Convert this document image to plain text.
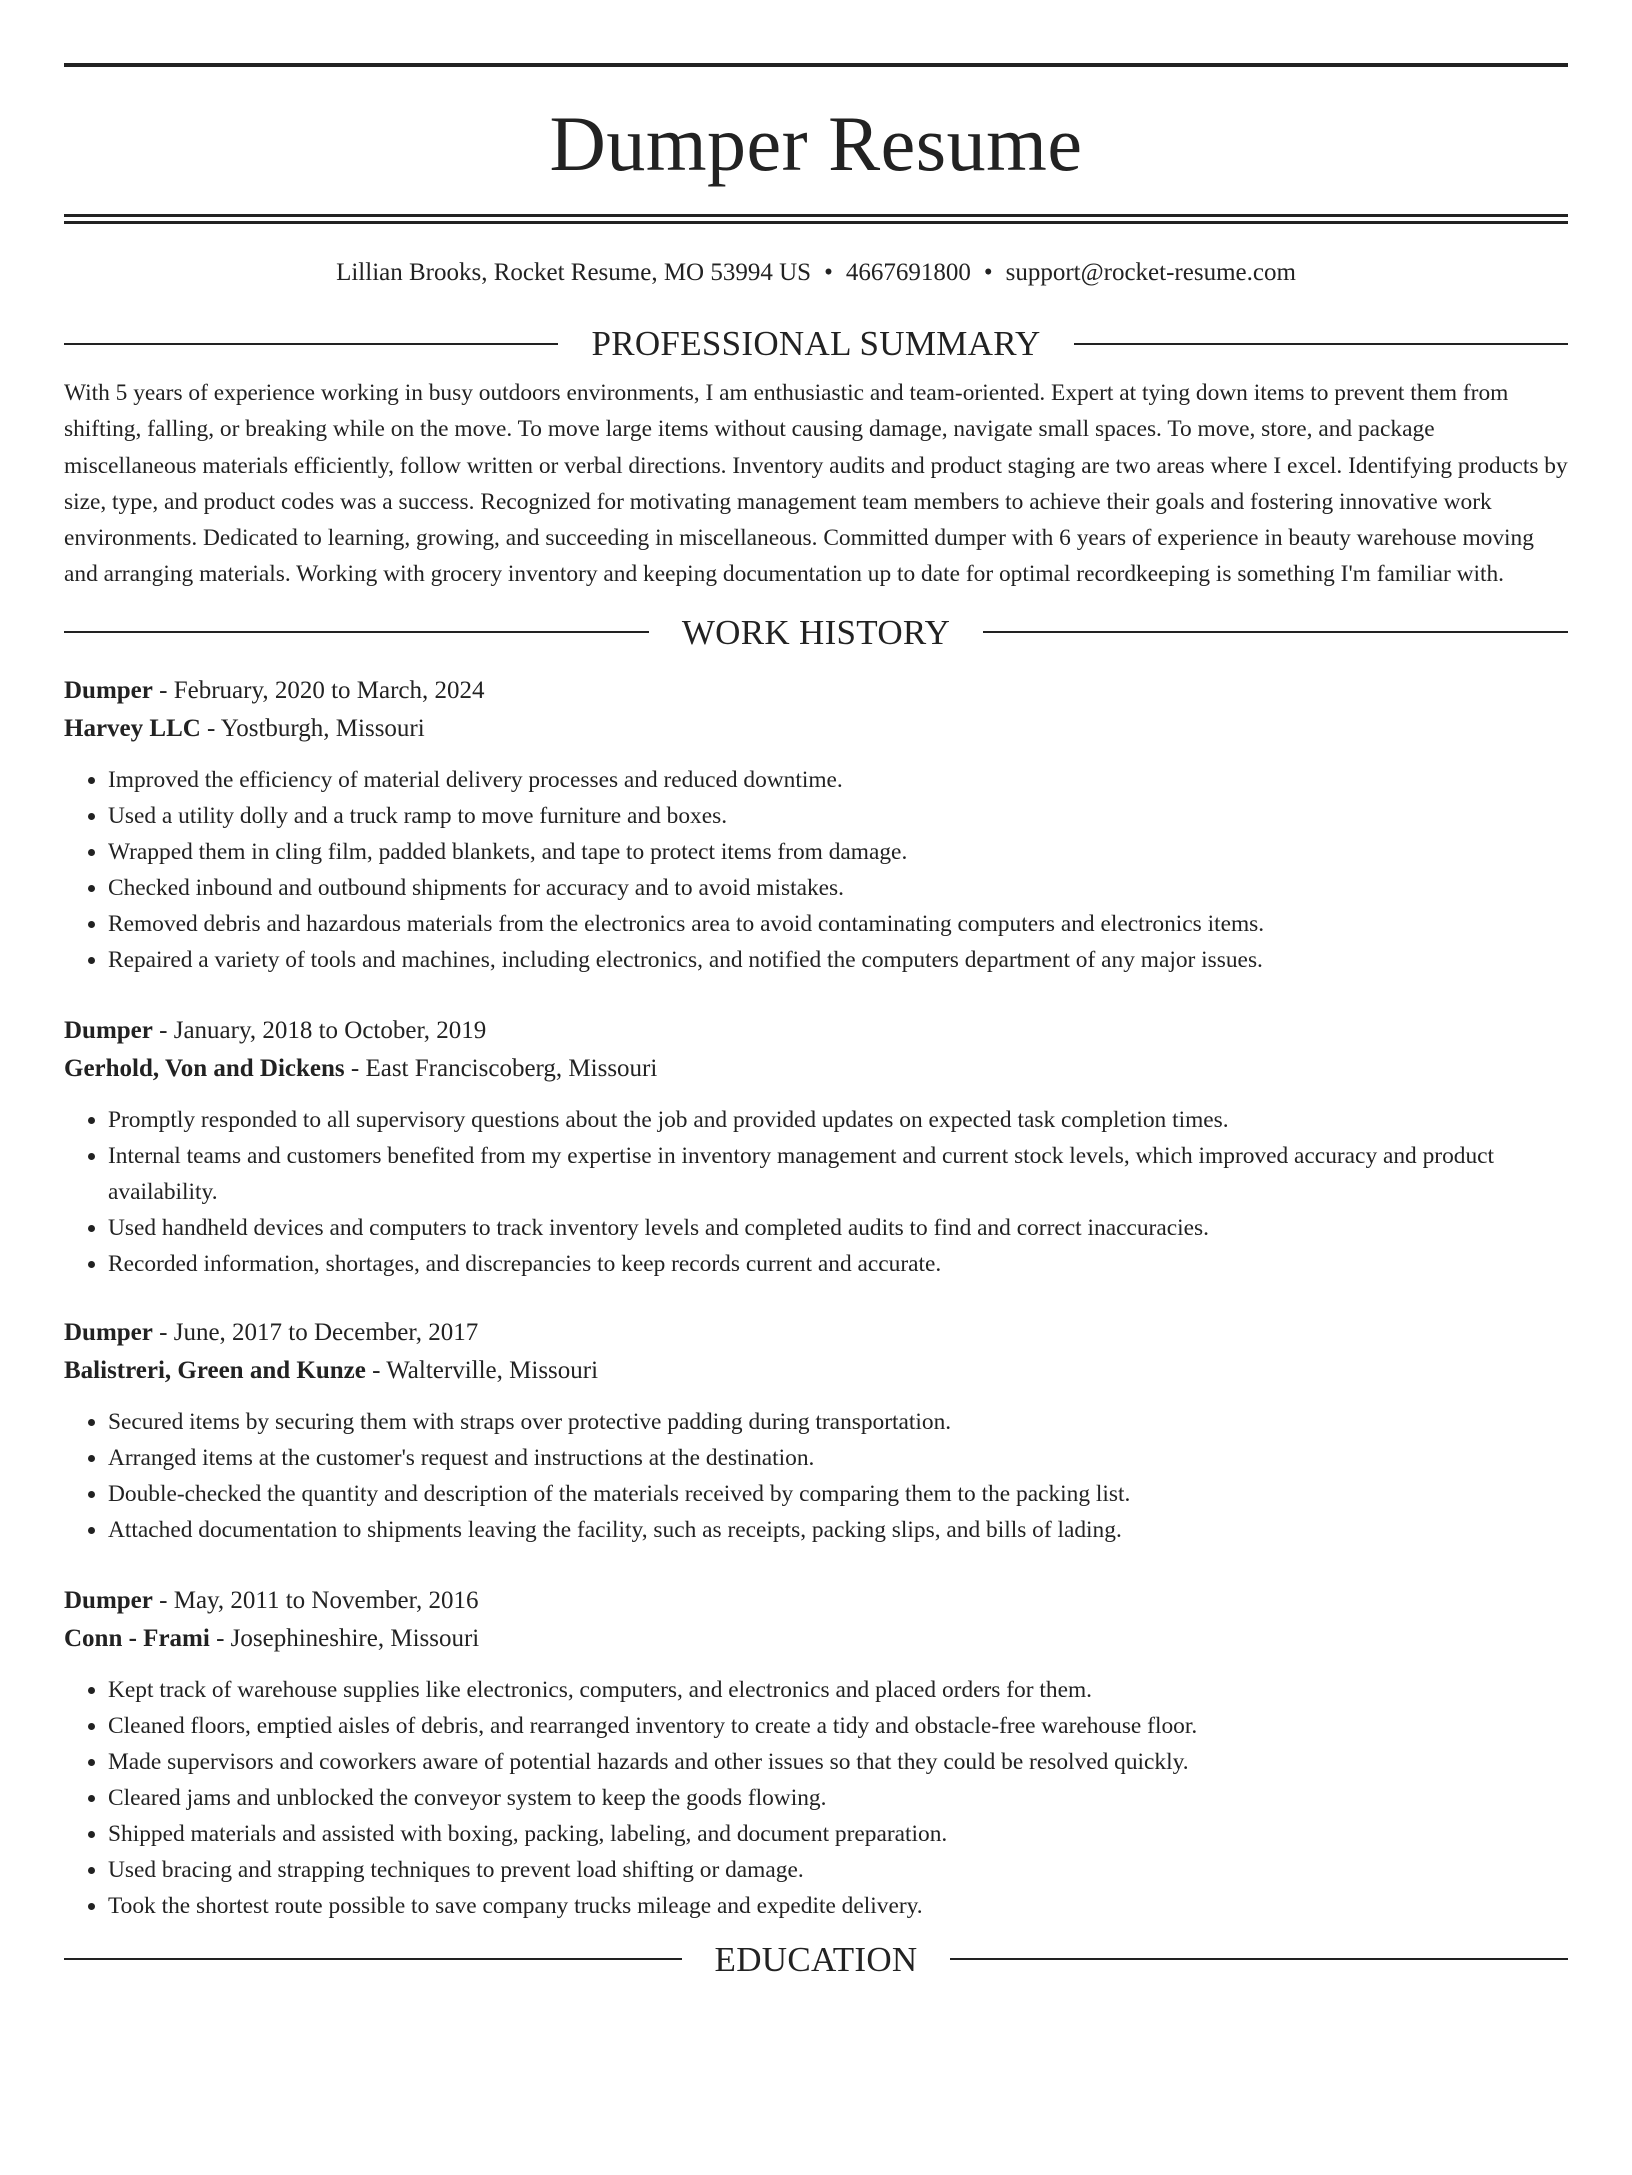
Dumper Resume
Lillian Brooks, Rocket Resume, MO 53994 US • 4667691800 • support@rocket-resume.com
PROFESSIONAL SUMMARY

With 5 years of experience working in busy outdoors environments, I am enthusiastic and team-oriented. Expert at tying down items to prevent them from shifting, falling, or breaking while on the move. To move large items without causing damage, navigate small spaces. To move, store, and package miscellaneous materials efficiently, follow written or verbal directions. Inventory audits and product staging are two areas where I excel. Identifying products by size, type, and product codes was a success. Recognized for motivating management team members to achieve their goals and fostering innovative work environments. Dedicated to learning, growing, and succeeding in miscellaneous. Committed dumper with 6 years of experience in beauty warehouse moving and arranging materials. Working with grocery inventory and keeping documentation up to date for optimal recordkeeping is something I'm familiar with.

WORK HISTORY
Dumper - February, 2020 to March, 2024
Harvey LLC - Yostburgh, Missouri
• Improved the efficiency of material delivery processes and reduced downtime.
• Used a utility dolly and a truck ramp to move furniture and boxes.
• Wrapped them in cling film, padded blankets, and tape to protect items from damage.
• Checked inbound and outbound shipments for accuracy and to avoid mistakes.
• Removed debris and hazardous materials from the electronics area to avoid contaminating computers and electronics items.
• Repaired a variety of tools and machines, including electronics, and notified the computers department of any major issues.
Dumper - January, 2018 to October, 2019
Gerhold, Von and Dickens - East Franciscoberg, Missouri
• Promptly responded to all supervisory questions about the job and provided updates on expected task completion times.
• Internal teams and customers benefited from my expertise in inventory management and current stock levels, which improved accuracy and product availability.
• Used handheld devices and computers to track inventory levels and completed audits to find and correct inaccuracies.
• Recorded information, shortages, and discrepancies to keep records current and accurate.
Dumper - June, 2017 to December, 2017
Balistreri, Green and Kunze - Walterville, Missouri
• Secured items by securing them with straps over protective padding during transportation.
• Arranged items at the customer's request and instructions at the destination.
• Double-checked the quantity and description of the materials received by comparing them to the packing list.
• Attached documentation to shipments leaving the facility, such as receipts, packing slips, and bills of lading.
Dumper - May, 2011 to November, 2016
Conn - Frami - Josephineshire, Missouri
• Kept track of warehouse supplies like electronics, computers, and electronics and placed orders for them.
• Cleaned floors, emptied aisles of debris, and rearranged inventory to create a tidy and obstacle-free warehouse floor.
• Made supervisors and coworkers aware of potential hazards and other issues so that they could be resolved quickly.
• Cleared jams and unblocked the conveyor system to keep the goods flowing.
• Shipped materials and assisted with boxing, packing, labeling, and document preparation.
• Used bracing and strapping techniques to prevent load shifting or damage.
• Took the shortest route possible to save company trucks mileage and expedite delivery.
EDUCATION
